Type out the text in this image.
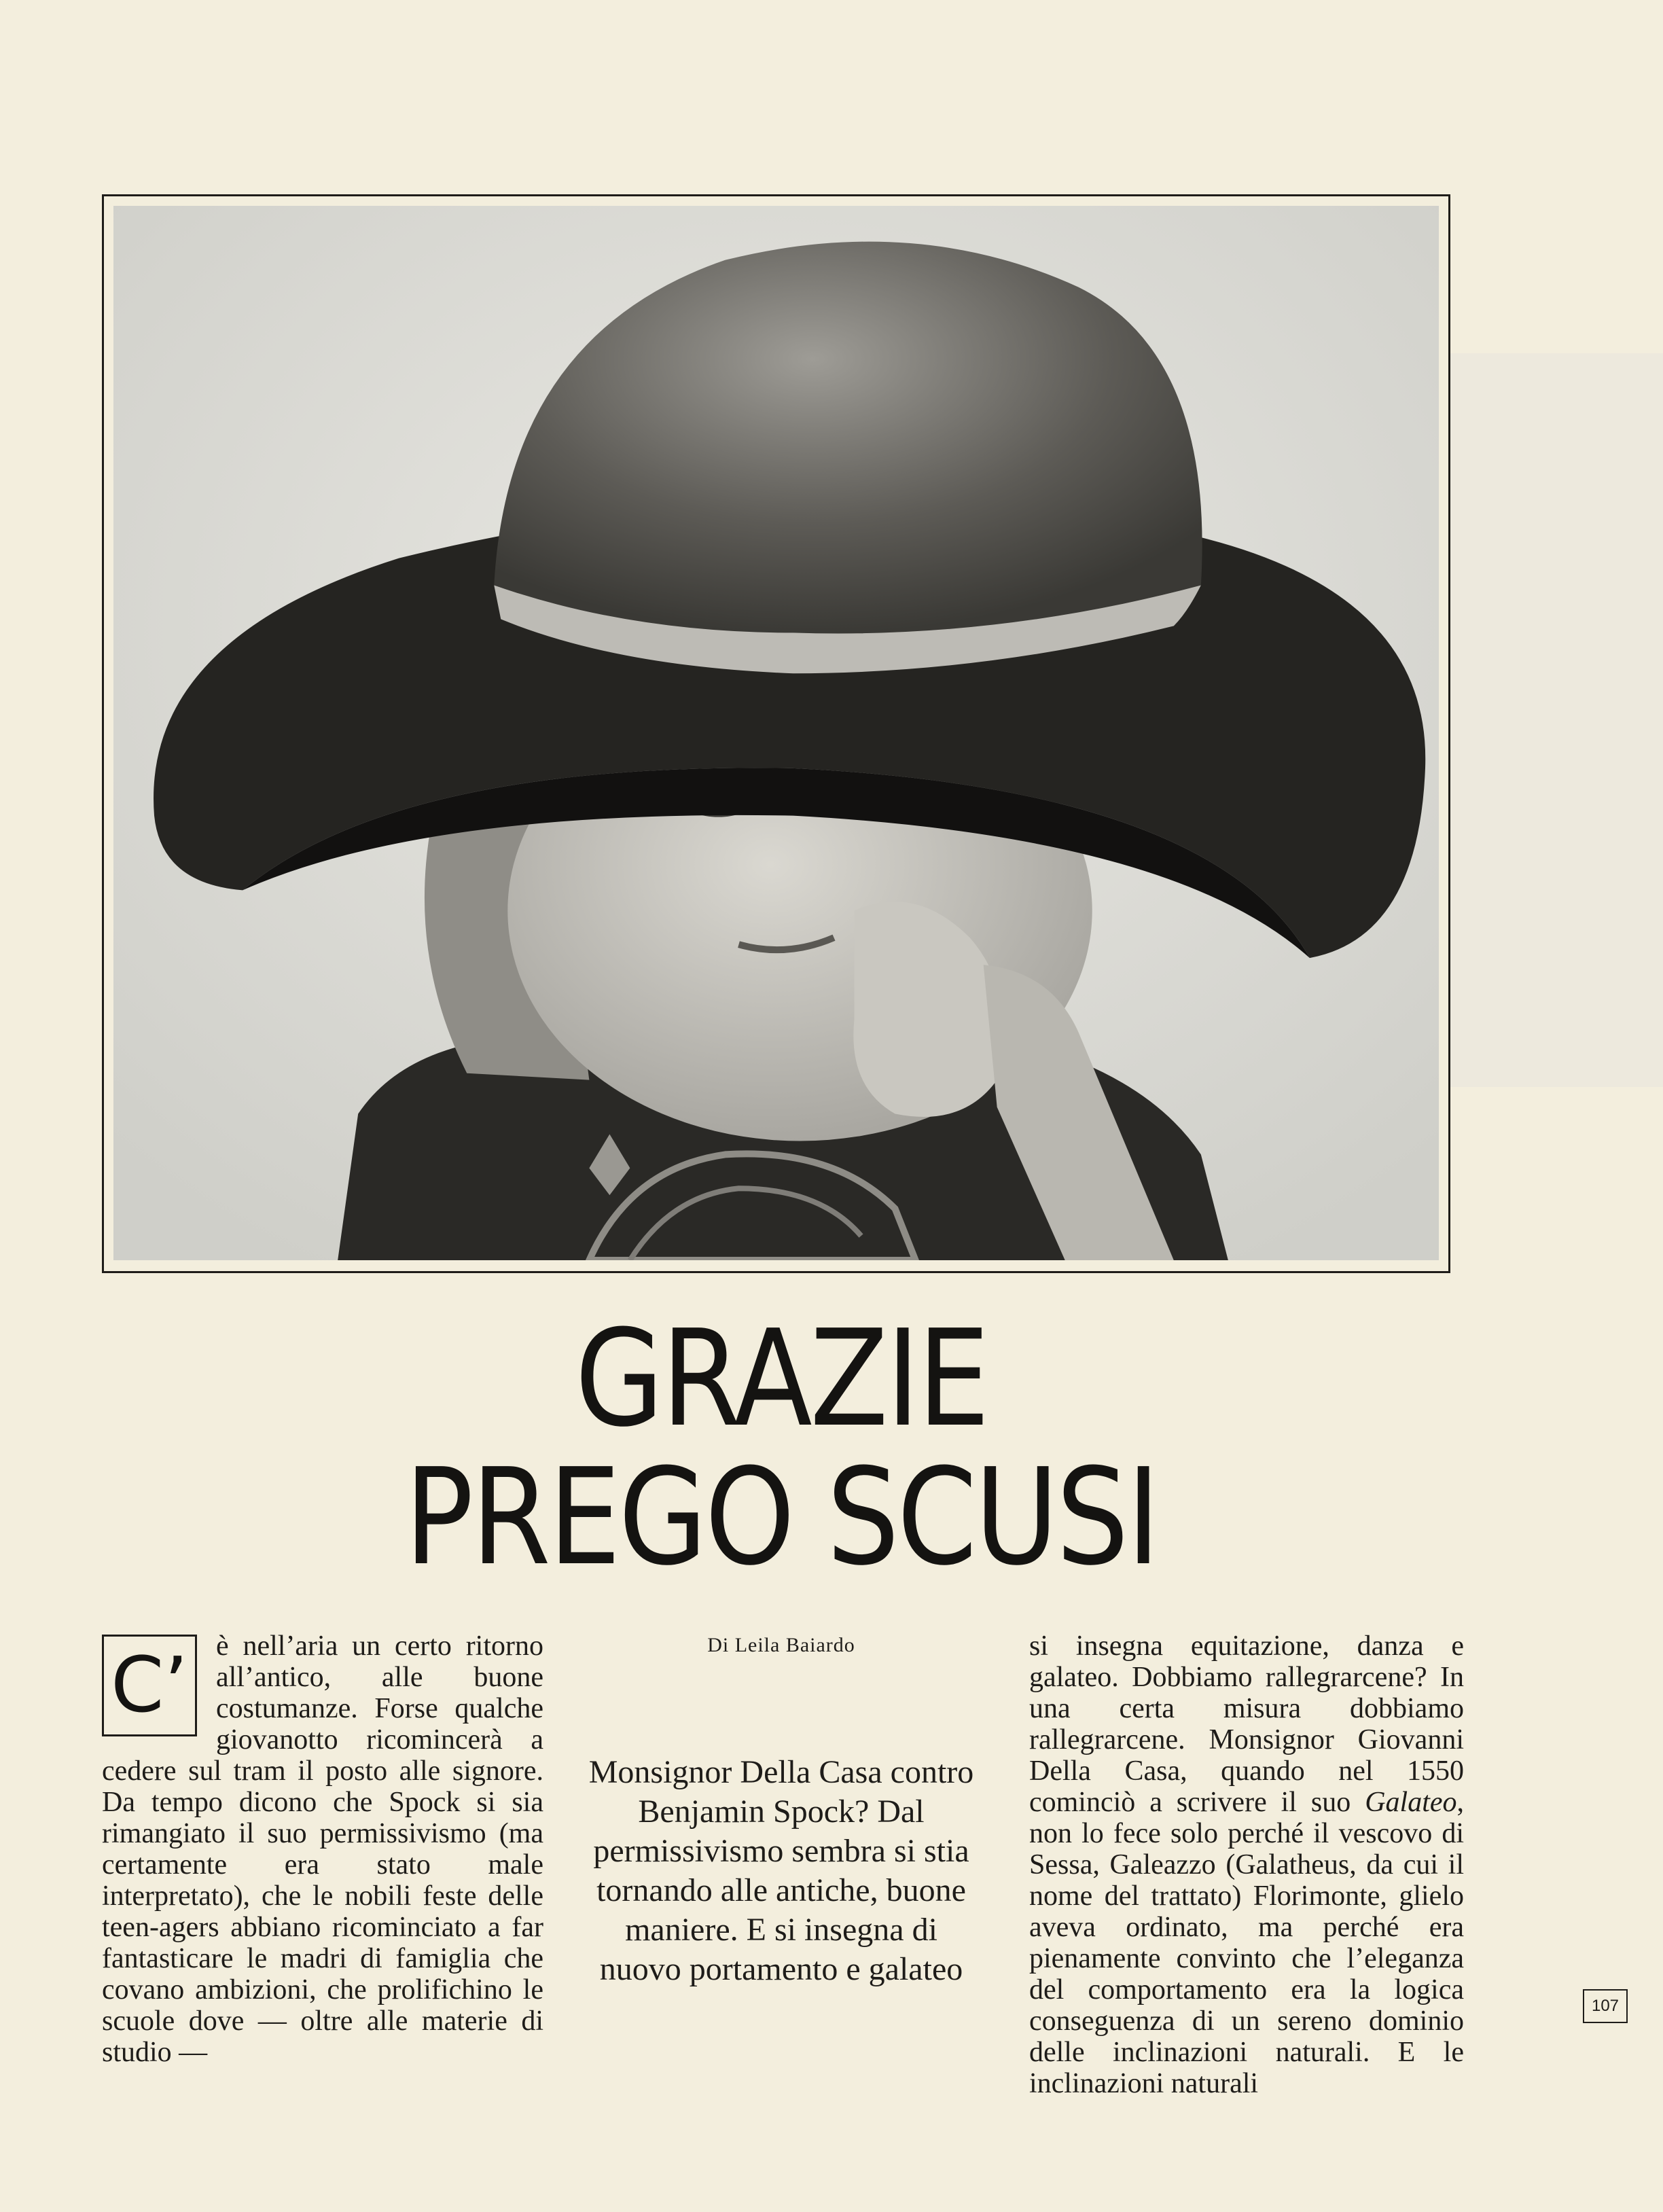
GRAZIE
PREGO SCUSI
C’ è nell’aria un certo ritorno all’antico, alle buone costumanze. Forse qualche giovanotto ricomincerà a cedere sul tram il posto alle signore. Da tempo dicono che Spock si sia rimangiato il suo permissivismo (ma certamente era stato male interpretato), che le nobili feste delle teen-agers abbiano ricominciato a far fantasticare le madri di famiglia che covano ambizioni, che prolifichino le scuole dove — oltre alle materie di studio —
Di Leila Baiardo
Monsignor Della Casa contro Benjamin Spock? Dal permissivismo sembra si stia tornando alle antiche, buone maniere. E si insegna di nuovo portamento e galateo
si insegna equitazione, danza e galateo. Dobbiamo rallegrarcene? In una certa misura dobbiamo rallegrarcene. Monsignor Giovanni Della Casa, quando nel 1550 cominciò a scrivere il suo Galateo, non lo fece solo perché il vescovo di Sessa, Galeazzo (Galatheus, da cui il nome del trattato) Florimonte, glielo aveva ordinato, ma perché era pienamente convinto che l’eleganza del comportamento era la logica conseguenza di un sereno dominio delle inclinazioni naturali. E le inclinazioni naturali
107
